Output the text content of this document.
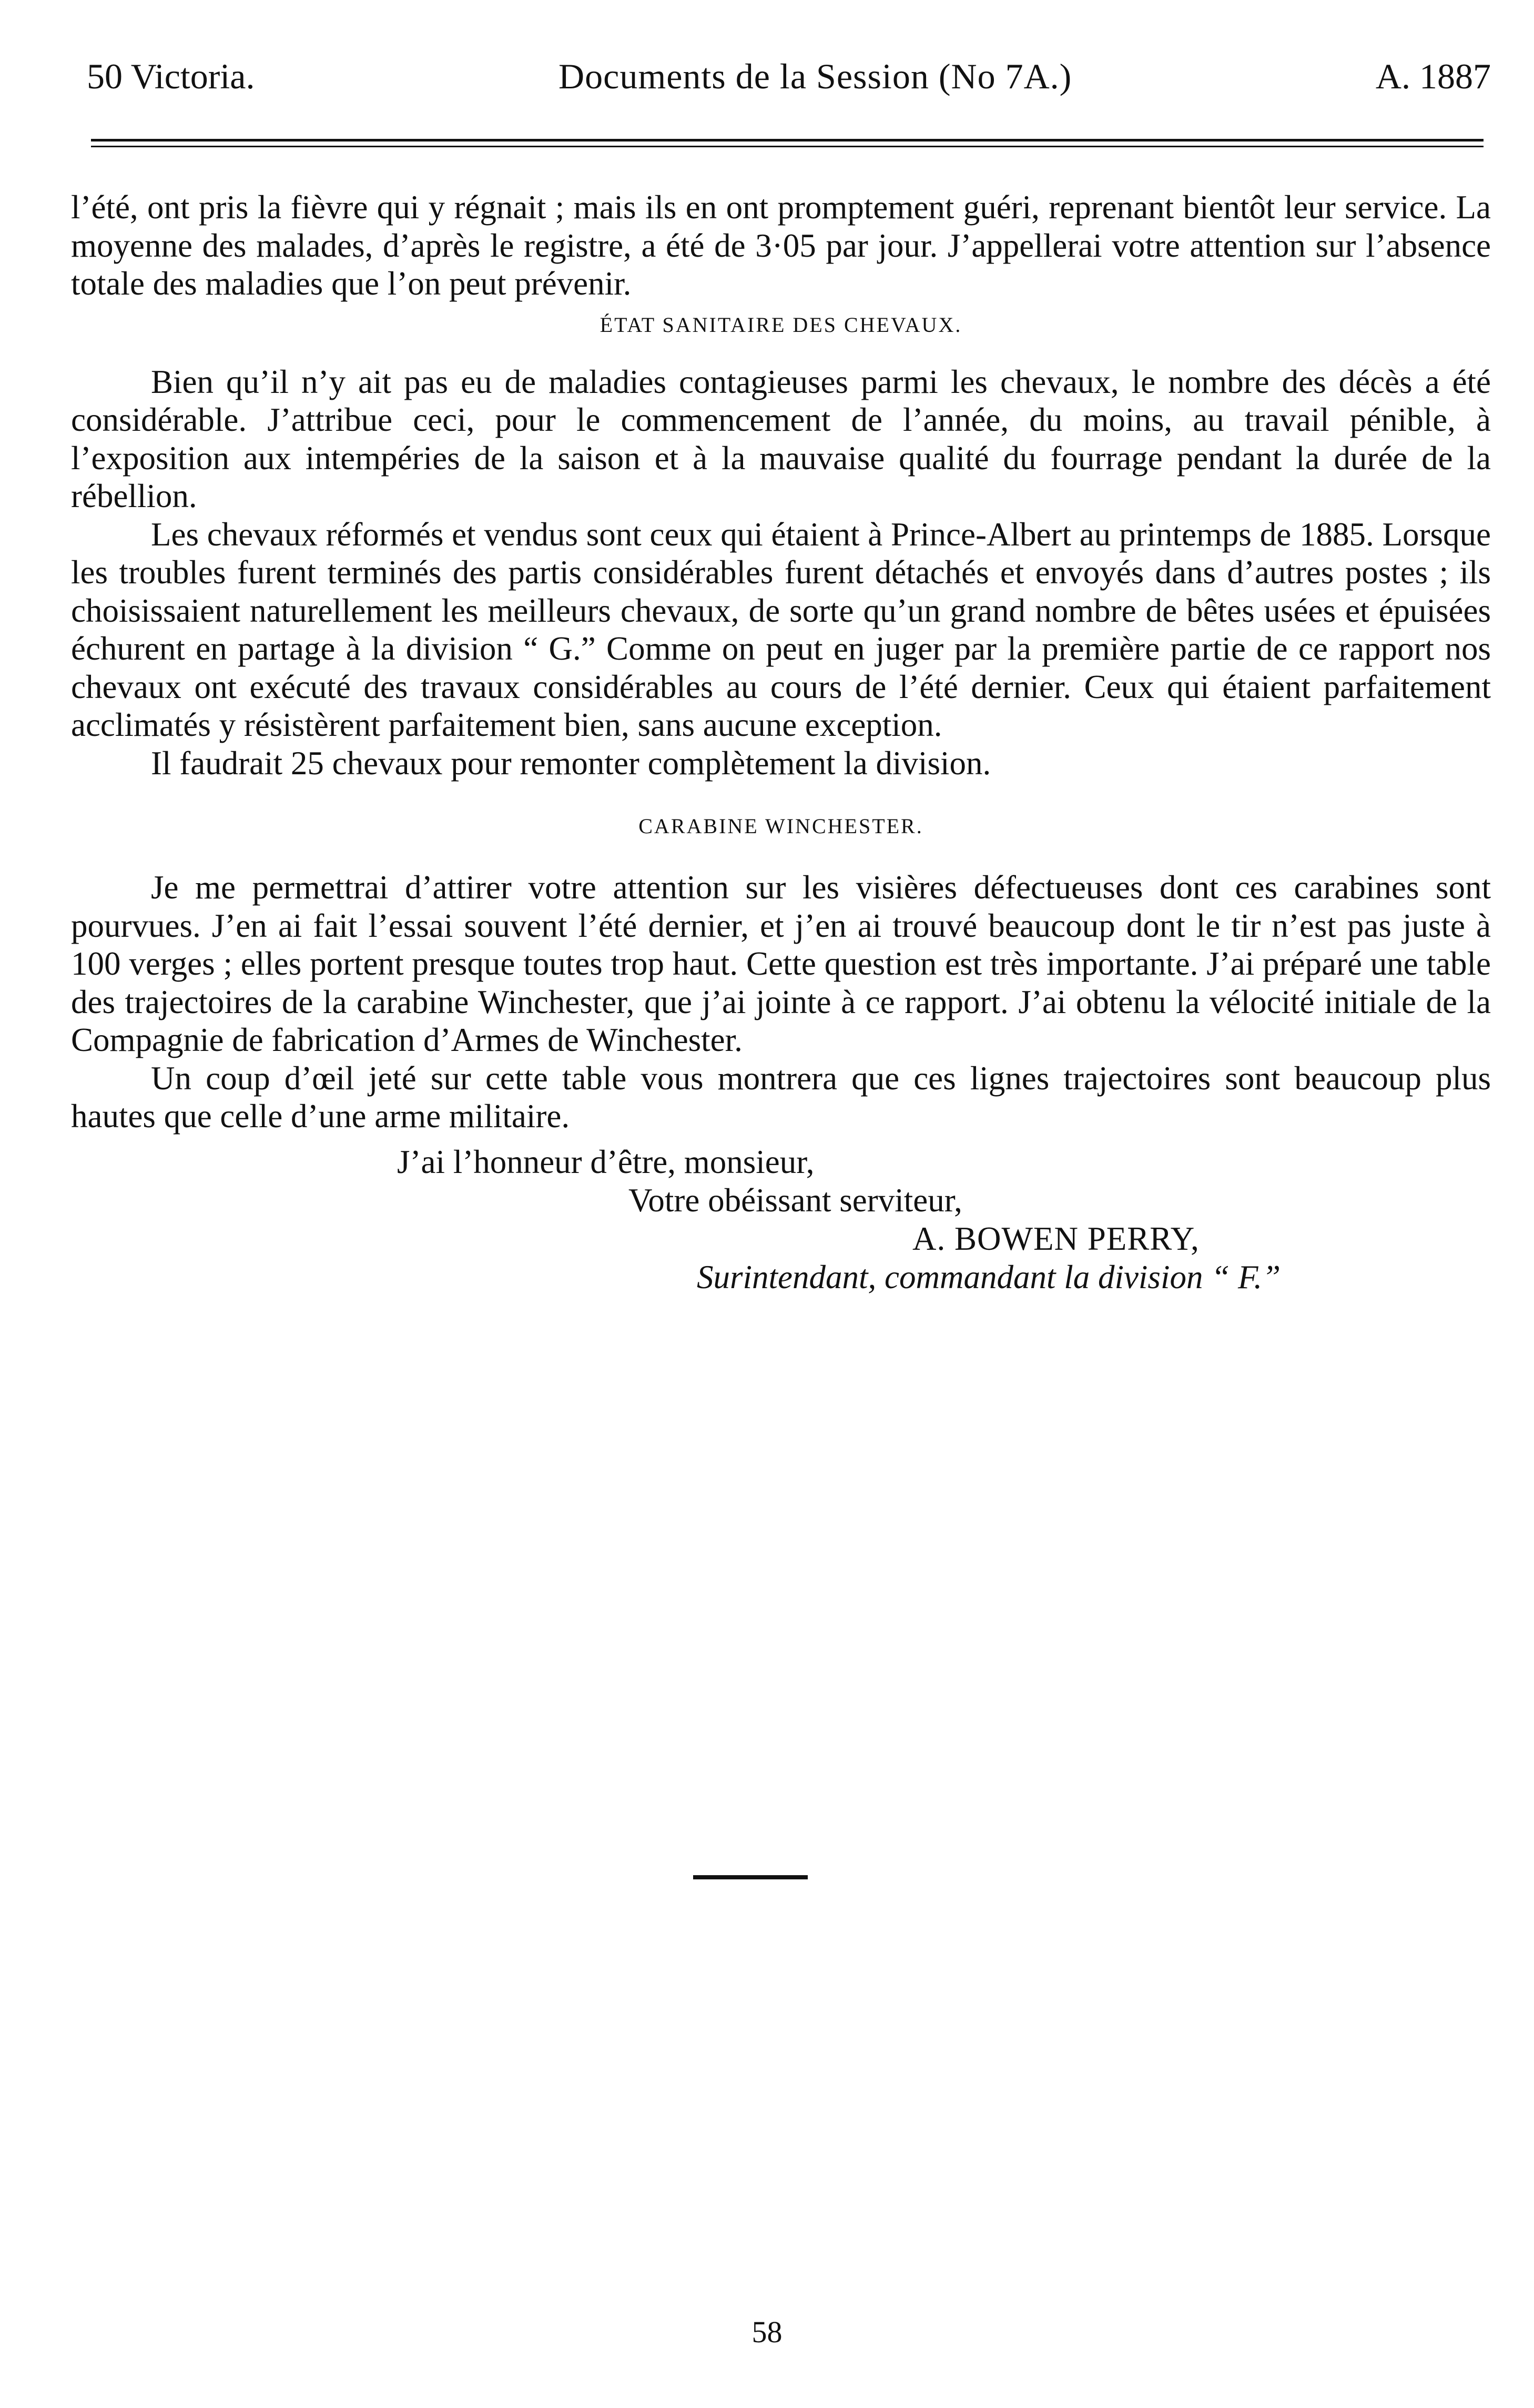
50 Victoria.	Documents de la Session (No 7A.)	A. 1887

l’été, ont pris la fièvre qui y régnait ; mais ils en ont promptement guéri, reprenant bientôt leur service. La moyenne des malades, d’après le registre, a été de 3·05 par jour. J’appellerai votre attention sur l’absence totale des maladies que l’on peut prévenir.

ÉTAT SANITAIRE DES CHEVAUX.

Bien qu’il n’y ait pas eu de maladies contagieuses parmi les chevaux, le nombre des décès a été considérable. J’attribue ceci, pour le commencement de l’année, du moins, au travail pénible, à l’exposition aux intempéries de la saison et à la mauvaise qualité du fourrage pendant la durée de la rébellion.

Les chevaux réformés et vendus sont ceux qui étaient à Prince-Albert au printemps de 1885. Lorsque les troubles furent terminés des partis considérables furent détachés et envoyés dans d’autres postes ; ils choisissaient naturellement les meilleurs chevaux, de sorte qu’un grand nombre de bêtes usées et épuisées échurent en partage à la division “ G.” Comme on peut en juger par la première partie de ce rapport nos chevaux ont exécuté des travaux considérables au cours de l’été dernier. Ceux qui étaient parfaitement acclimatés y résistèrent parfaitement bien, sans aucune exception.

Il faudrait 25 chevaux pour remonter complètement la division.

CARABINE WINCHESTER.

Je me permettrai d’attirer votre attention sur les visières défectueuses dont ces carabines sont pourvues. J’en ai fait l’essai souvent l’été dernier, et j’en ai trouvé beaucoup dont le tir n’est pas juste à 100 verges ; elles portent presque toutes trop haut. Cette question est très importante. J’ai préparé une table des trajectoires de la carabine Winchester, que j’ai jointe à ce rapport. J’ai obtenu la vélocité initiale de la Compagnie de fabrication d’Armes de Winchester.

Un coup d’œil jeté sur cette table vous montrera que ces lignes trajectoires sont beaucoup plus hautes que celle d’une arme militaire.

J’ai l’honneur d’être, monsieur,
Votre obéissant serviteur,
A. BOWEN PERRY,
Surintendant, commandant la division “ F.”
58
